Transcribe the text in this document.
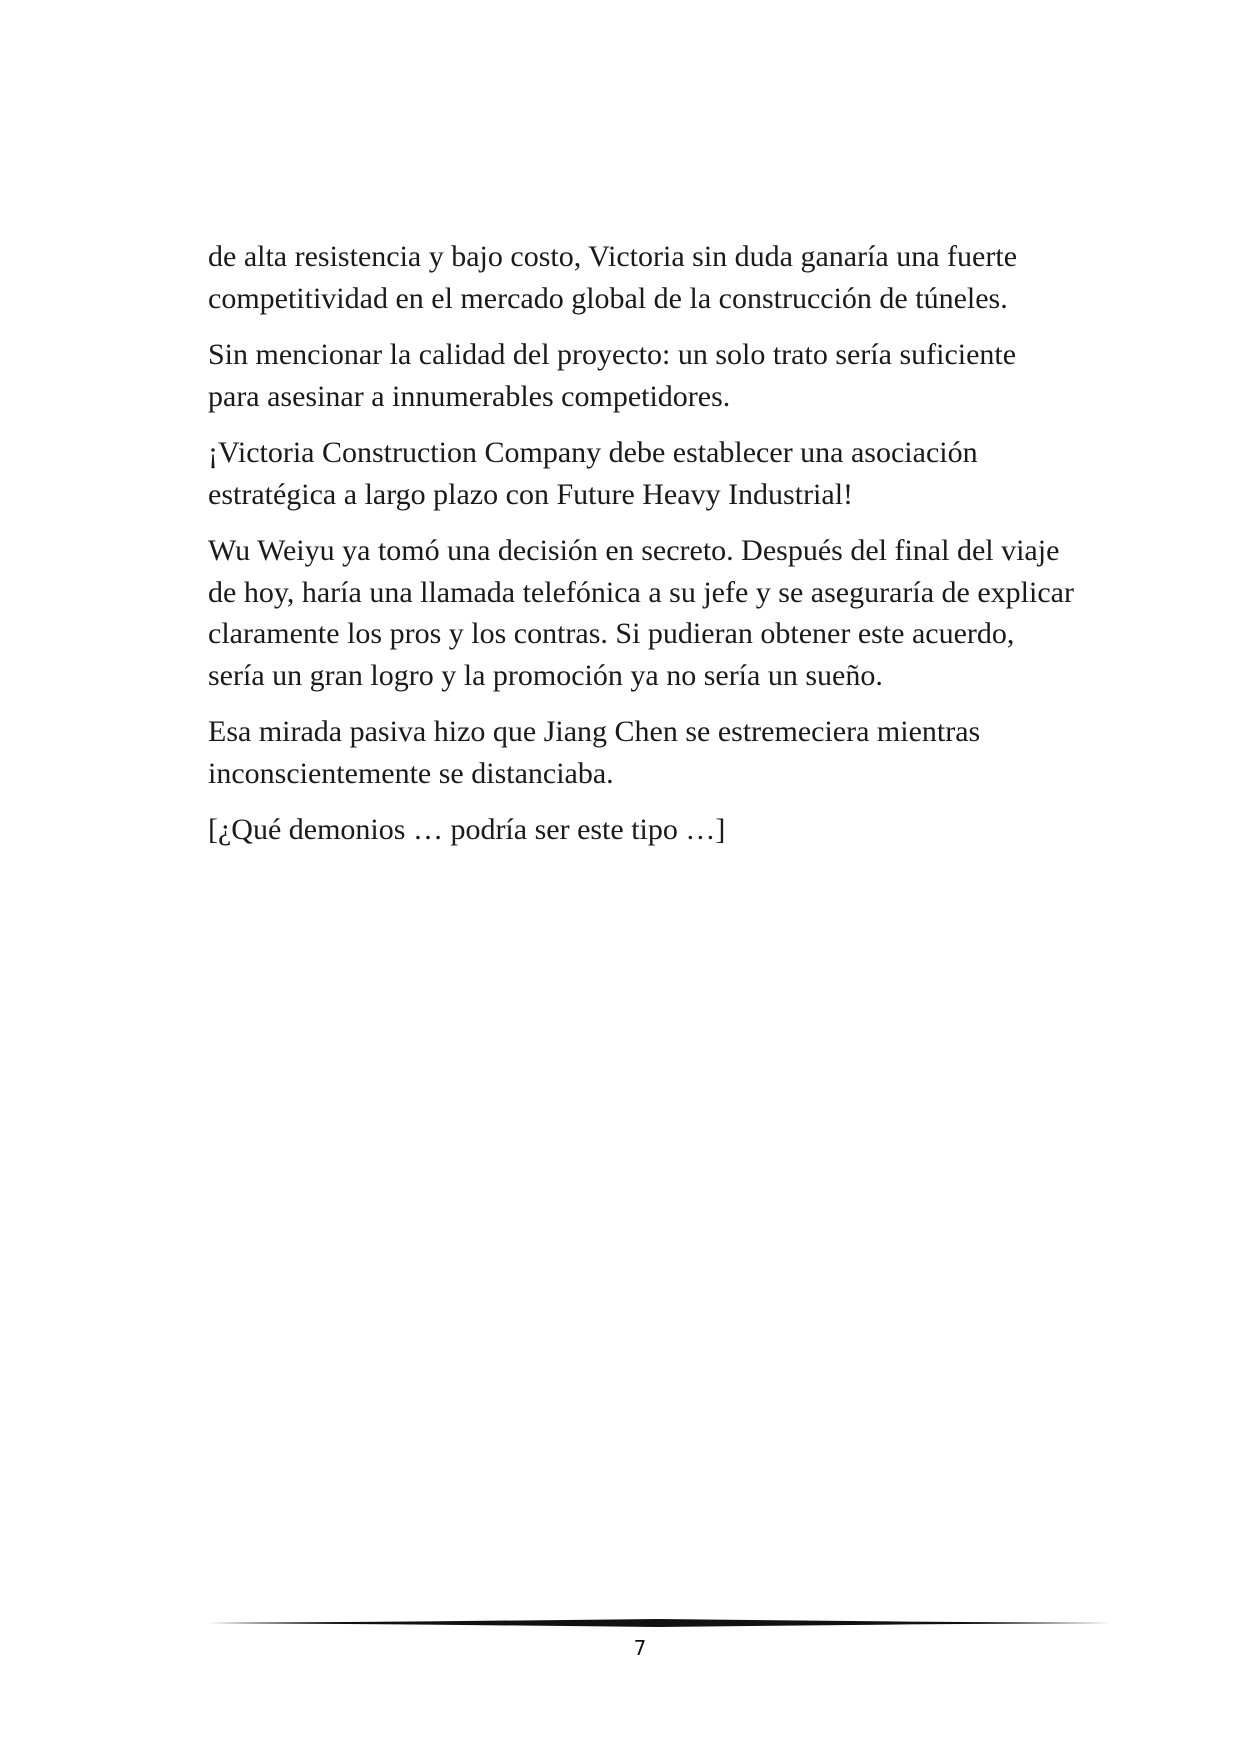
de alta resistencia y bajo costo, Victoria sin duda ganaría una fuerte
competitividad en el mercado global de la construcción de túneles.

Sin mencionar la calidad del proyecto: un solo trato sería suficiente
para asesinar a innumerables competidores.

¡Victoria Construction Company debe establecer una asociación
estratégica a largo plazo con Future Heavy Industrial!

Wu Weiyu ya tomó una decisión en secreto. Después del final del viaje
de hoy, haría una llamada telefónica a su jefe y se aseguraría de explicar
claramente los pros y los contras. Si pudieran obtener este acuerdo,
sería un gran logro y la promoción ya no sería un sueño.

Esa mirada pasiva hizo que Jiang Chen se estremeciera mientras
inconscientemente se distanciaba.

[¿Qué demonios … podría ser este tipo …]

7
